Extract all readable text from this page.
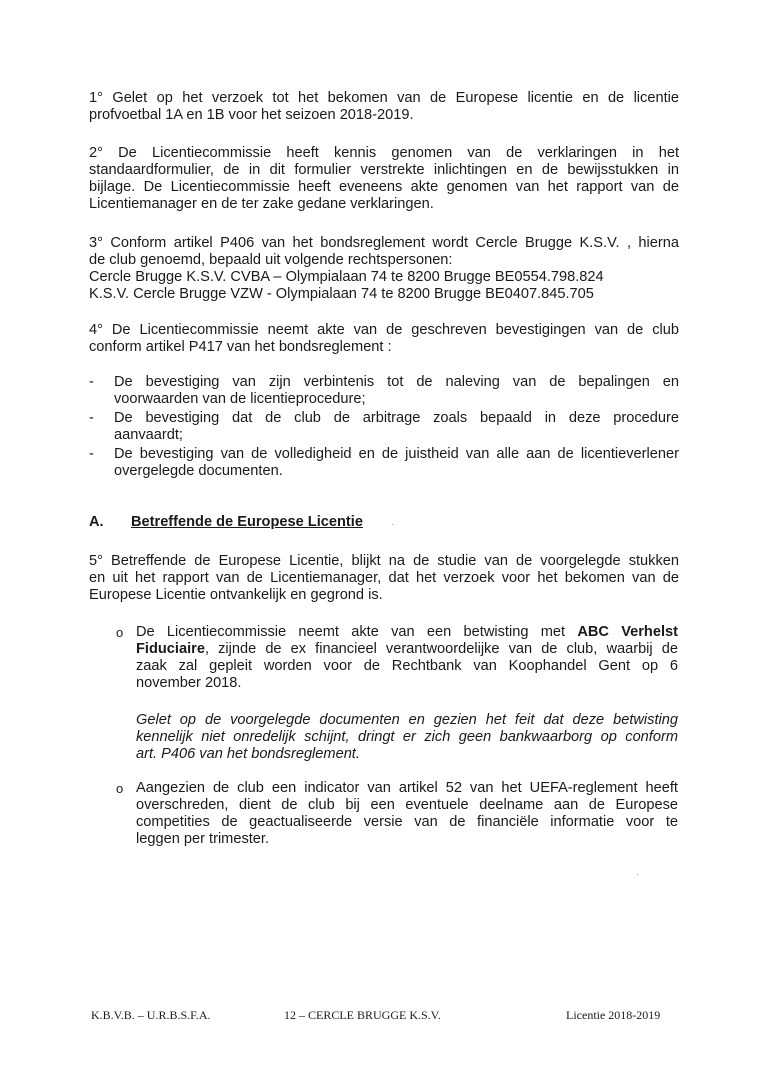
1° Gelet op het verzoek tot het bekomen van de Europese licentie en de licentie
profvoetbal 1A en 1B voor het seizoen 2018-2019.
2° De Licentiecommissie heeft kennis genomen van de verklaringen in het
standaardformulier, de in dit formulier verstrekte inlichtingen en de bewijsstukken in
bijlage. De Licentiecommissie heeft eveneens akte genomen van het rapport van de
Licentiemanager en de ter zake gedane verklaringen.
3° Conform artikel P406 van het bondsreglement wordt Cercle Brugge K.S.V. , hierna
de club genoemd, bepaald uit volgende rechtspersonen:
Cercle Brugge K.S.V. CVBA – Olympialaan 74 te 8200 Brugge BE0554.798.824
K.S.V. Cercle Brugge VZW - Olympialaan 74 te 8200 Brugge BE0407.845.705
4° De Licentiecommissie neemt akte van de geschreven bevestigingen van de club
conform artikel P417 van het bondsreglement :
-	De bevestiging van zijn verbintenis tot de naleving van de bepalingen en
voorwaarden van de licentieprocedure;
-	De bevestiging dat de club de arbitrage zoals bepaald in deze procedure
aanvaardt;
-	De bevestiging van de volledigheid en de juistheid van alle aan de licentieverlener
overgelegde documenten.
A. Betreffende de Europese Licentie	·
5° Betreffende de Europese Licentie, blijkt na de studie van de voorgelegde stukken
en uit het rapport van de Licentiemanager, dat het verzoek voor het bekomen van de
Europese Licentie ontvankelijk en gegrond is.
o De Licentiecommissie neemt akte van een betwisting met ABC Verhelst
Fiduciaire, zijnde de ex financieel verantwoordelijke van de club, waarbij de
zaak zal gepleit worden voor de Rechtbank van Koophandel Gent op 6
november 2018.
Gelet op de voorgelegde documenten en gezien het feit dat deze betwisting
kennelijk niet onredelijk schijnt, dringt er zich geen bankwaarborg op conform
art. P406 van het bondsreglement.
o Aangezien de club een indicator van artikel 52 van het UEFA-reglement heeft
overschreden, dient de club bij een eventuele deelname aan de Europese
competities de geactualiseerde versie van de financiële informatie voor te
leggen per trimester.
·
K.B.V.B. – U.R.B.S.F.A.	12 – CERCLE BRUGGE K.S.V.	Licentie 2018-2019
